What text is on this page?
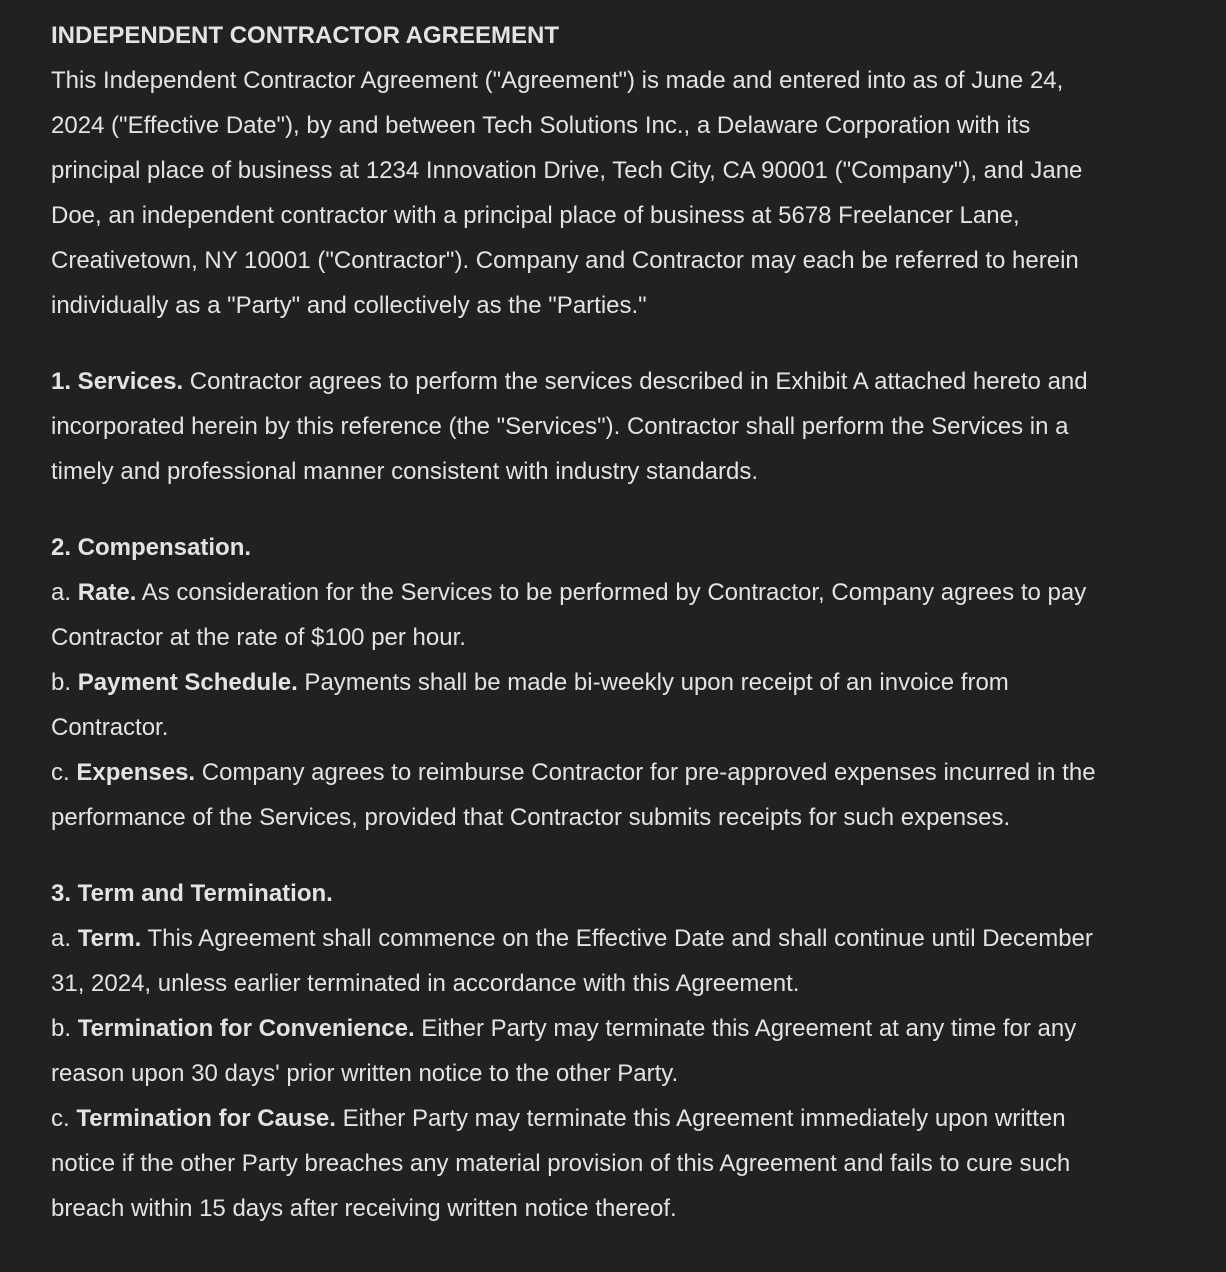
INDEPENDENT CONTRACTOR AGREEMENT
This Independent Contractor Agreement ("Agreement") is made and entered into as of June 24,
2024 ("Effective Date"), by and between Tech Solutions Inc., a Delaware Corporation with its
principal place of business at 1234 Innovation Drive, Tech City, CA 90001 ("Company"), and Jane
Doe, an independent contractor with a principal place of business at 5678 Freelancer Lane,
Creativetown, NY 10001 ("Contractor"). Company and Contractor may each be referred to herein
individually as a "Party" and collectively as the "Parties."
1. Services. Contractor agrees to perform the services described in Exhibit A attached hereto and
incorporated herein by this reference (the "Services"). Contractor shall perform the Services in a
timely and professional manner consistent with industry standards.
2. Compensation.
a. Rate. As consideration for the Services to be performed by Contractor, Company agrees to pay
Contractor at the rate of $100 per hour.
b. Payment Schedule. Payments shall be made bi-weekly upon receipt of an invoice from
Contractor.
c. Expenses. Company agrees to reimburse Contractor for pre-approved expenses incurred in the
performance of the Services, provided that Contractor submits receipts for such expenses.
3. Term and Termination.
a. Term. This Agreement shall commence on the Effective Date and shall continue until December
31, 2024, unless earlier terminated in accordance with this Agreement.
b. Termination for Convenience. Either Party may terminate this Agreement at any time for any
reason upon 30 days' prior written notice to the other Party.
c. Termination for Cause. Either Party may terminate this Agreement immediately upon written
notice if the other Party breaches any material provision of this Agreement and fails to cure such
breach within 15 days after receiving written notice thereof.
